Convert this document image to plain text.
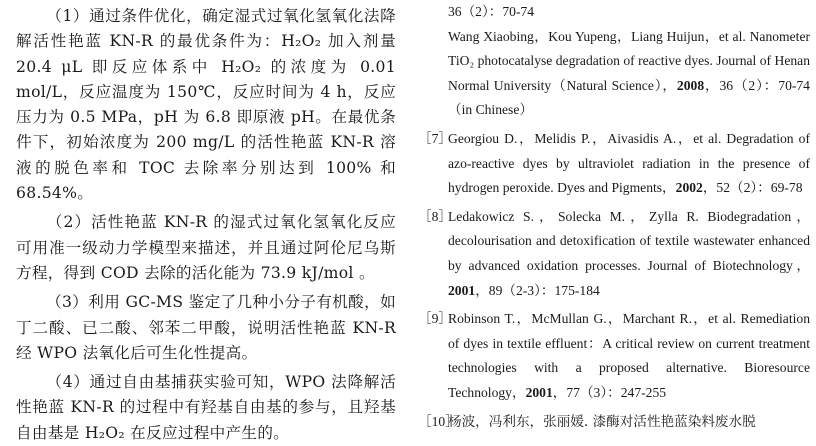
（1）通过条件优化，确定湿式过氧化氢氧化法降 解活性艳蓝 KN-R 的最优条件为：H₂O₂ 加入剂量20.4 μL 即反应体系中 H₂O₂ 的浓度为 0.01 mol/L，反应温度为 150℃，反应时间为 4 h，反应压力为 0.5 MPa，pH 为 6.8 即原液 pH。在最优条件下，初始浓度为 200 mg/L 的活性艳蓝 KN-R 溶液的脱色率和 TOC 去除率分别达到 100% 和 68.54%。

（2）活性艳蓝 KN-R 的湿式过氧化氢氧化反应可用准一级动力学模型来描述，并且通过阿伦尼乌斯方程，得到 COD 去除的活化能为 73.9 kJ/mol 。

（3）利用 GC-MS 鉴定了几种小分子有机酸，如丁二酸、已二酸、邻苯二甲酸，说明活性艳蓝 KN-R 经 WPO 法氧化后可生化性提高。

（4）通过自由基捕获实验可知，WPO 法降解活性艳蓝 KN-R 的过程中有羟基自由基的参与，且羟基自由基是 H₂O₂ 在反应过程中产生的。

36（2）：70-74
Wang Xiaobing，Kou Yupeng，Liang Huijun，et al. Nanometer TiO₂ photocatalyse degradation of reactive dyes. Journal of Henan Normal University（Natural Science），2008，36（2）：70-74（in Chinese）
［7］
Georgiou D.，Melidis P.，Aivasidis A.，et al. Degradation of azo-reactive dyes by ultraviolet radiation in the presence of hydrogen peroxide. Dyes and Pigments，2002，52（2）：69-78
［8］
Ledakowicz S.，Solecka M.，Zylla R. Biodegradation，decolourisation and detoxification of textile wastewater enhanced by advanced oxidation processes. Journal of Biotechnology，2001，89（2-3）：175-184
［9］
Robinson T.，McMullan G.，Marchant R.，et al. Remediation of dyes in textile effluent：A critical review on current treatment technologies with a proposed alternative. Bioresource Technology，2001，77（3）：247-255
［10］
杨波，冯利东，张丽媛. 漆酶对活性艳蓝染料废水脱
